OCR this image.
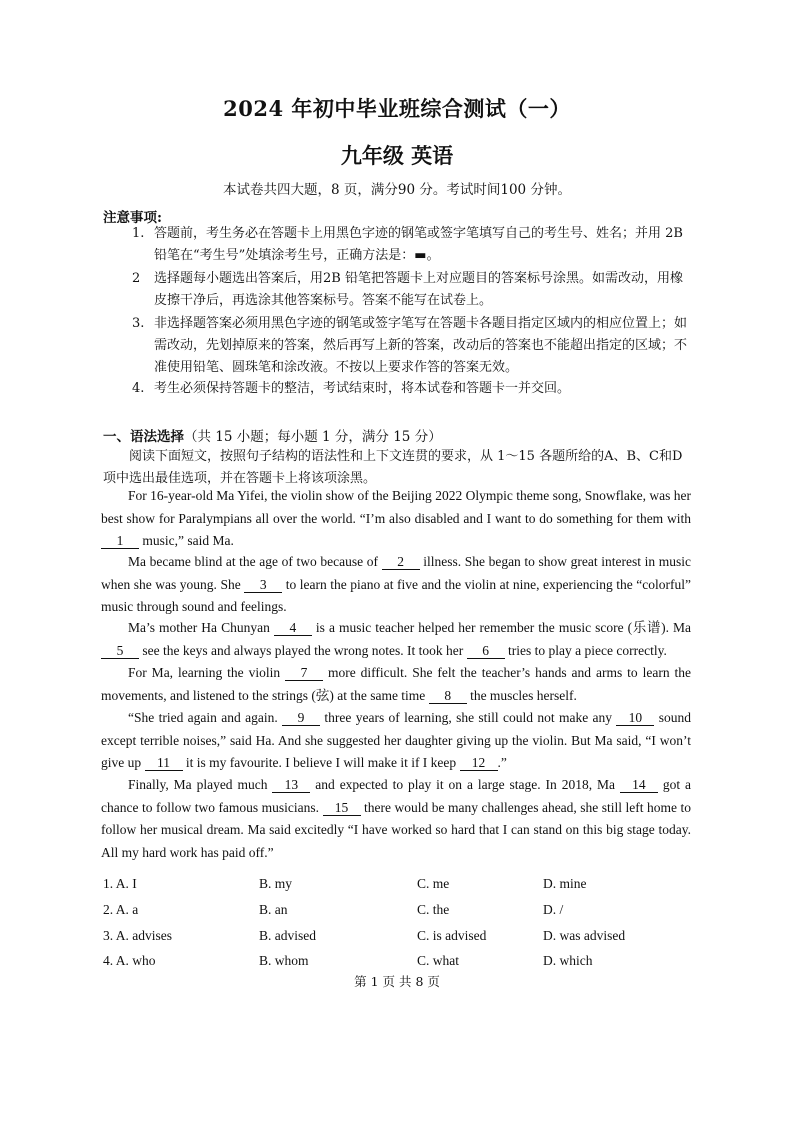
2024 年初中毕业班综合测试（一）
九年级 英语
本试卷共四大题，8 页，满分90 分。考试时间100 分钟。
注意事项:
1. 答题前，考生务必在答题卡上用黑色字迹的钢笔或签字笔填写自己的考生号、姓名；并用 2B 铅笔在“考生号”处填涂考生号，正确方法是：▬。
2	选择题每小题选出答案后，用2B 铅笔把答题卡上对应题目的答案标号涂黑。如需改动，用橡皮擦干净后，再选涂其他答案标号。答案不能写在试卷上。
3. 非选择题答案必须用黑色字迹的钢笔或签字笔写在答题卡各题目指定区域内的相应位置上；如需改动，先划掉原来的答案，然后再写上新的答案，改动后的答案也不能超出指定的区域；不准使用铅笔、圆珠笔和涂改液。不按以上要求作答的答案无效。
4. 考生必须保持答题卡的整洁，考试结束时，将本试卷和答题卡一并交回。
一、语法选择（共 15 小题；每小题 1 分，满分 15 分）
阅读下面短文，按照句子结构的语法性和上下文连贯的要求，从 1～15 各题所给的A、B、C和D 项中选出最佳选项，并在答题卡上将该项涂黑。
For 16-year-old Ma Yifei, the violin show of the Beijing 2022 Olympic theme song, Snowflake, was her best show for Paralympians all over the world. “I’m also disabled and I want to do something for them with 1 music,” said Ma.
Ma became blind at the age of two because of 2 illness. She began to show great interest in music when she was young. She 3 to learn the piano at five and the violin at nine, experiencing the “colorful” music through sound and feelings.
Ma’s mother Ha Chunyan 4 is a music teacher helped her remember the music score (乐谱). Ma 5 see the keys and always played the wrong notes. It took her 6 tries to play a piece correctly.
For Ma, learning the violin 7 more difficult. She felt the teacher’s hands and arms to learn the movements, and listened to the strings (弦) at the same time 8 the muscles herself.
“She tried again and again. 9 three years of learning, she still could not make any 10 sound except terrible noises,” said Ha. And she suggested her daughter giving up the violin. But Ma said, “I won’t give up 11 it is my favourite. I believe I will make it if I keep 12 .”
Finally, Ma played much 13 and expected to play it on a large stage. In 2018, Ma 14 got a chance to follow two famous musicians. 15 there would be many challenges ahead, she still left home to follow her musical dream. Ma said excitedly “I have worked so hard that I can stand on this big stage today. All my hard work has paid off.”
1. A. I	B. my	C. me	D. mine
2. A. a	B. an	C. the	D. /
3. A. advises	B. advised	C. is advised	D. was advised
4. A. who	B. whom	C. what	D. which
第 1 页 共 8 页
